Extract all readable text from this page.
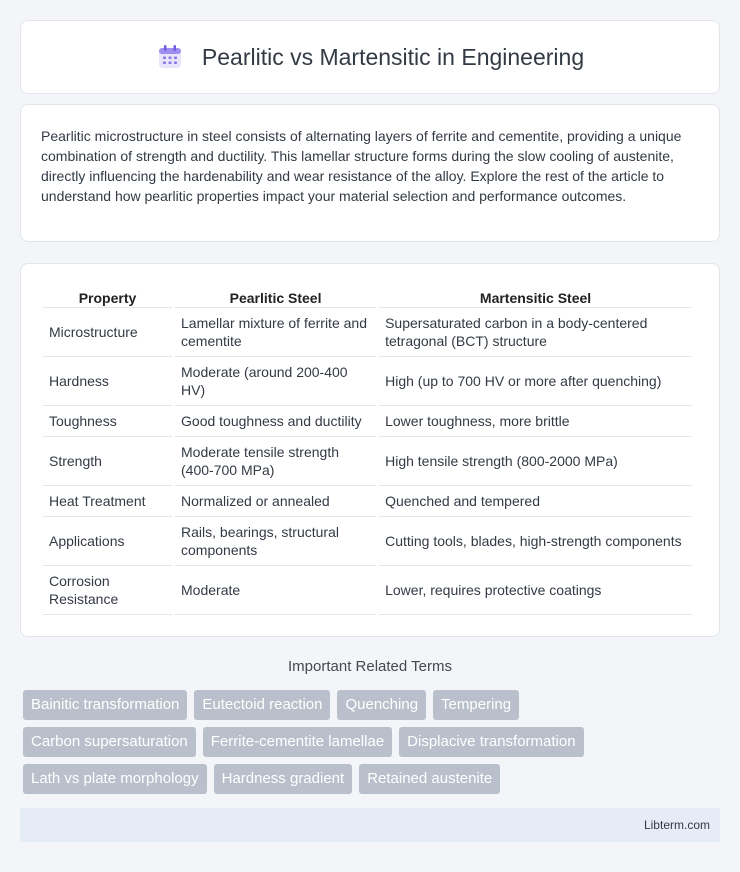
Pearlitic vs Martensitic in Engineering

Pearlitic microstructure in steel consists of alternating layers of ferrite and cementite, providing a unique combination of strength and ductility. This lamellar structure forms during the slow cooling of austenite, directly influencing the hardenability and wear resistance of the alloy. Explore the rest of the article to understand how pearlitic properties impact your material selection and performance outcomes.

Property	Pearlitic Steel	Martensitic Steel
Microstructure	Lamellar mixture of ferrite and cementite	Supersaturated carbon in a body-centered tetragonal (BCT) structure
Hardness	Moderate (around 200-400 HV)	High (up to 700 HV or more after quenching)
Toughness	Good toughness and ductility	Lower toughness, more brittle
Strength	Moderate tensile strength (400-700 MPa)	High tensile strength (800-2000 MPa)
Heat Treatment	Normalized or annealed	Quenched and tempered
Applications	Rails, bearings, structural components	Cutting tools, blades, high-strength components
Corrosion Resistance	Moderate	Lower, requires protective coatings
Important Related Terms
Bainitic transformation	Eutectoid reaction	Quenching	Tempering
Carbon supersaturation	Ferrite-cementite lamellae	Displacive transformation
Lath vs plate morphology	Hardness gradient	Retained austenite
Libterm.com
